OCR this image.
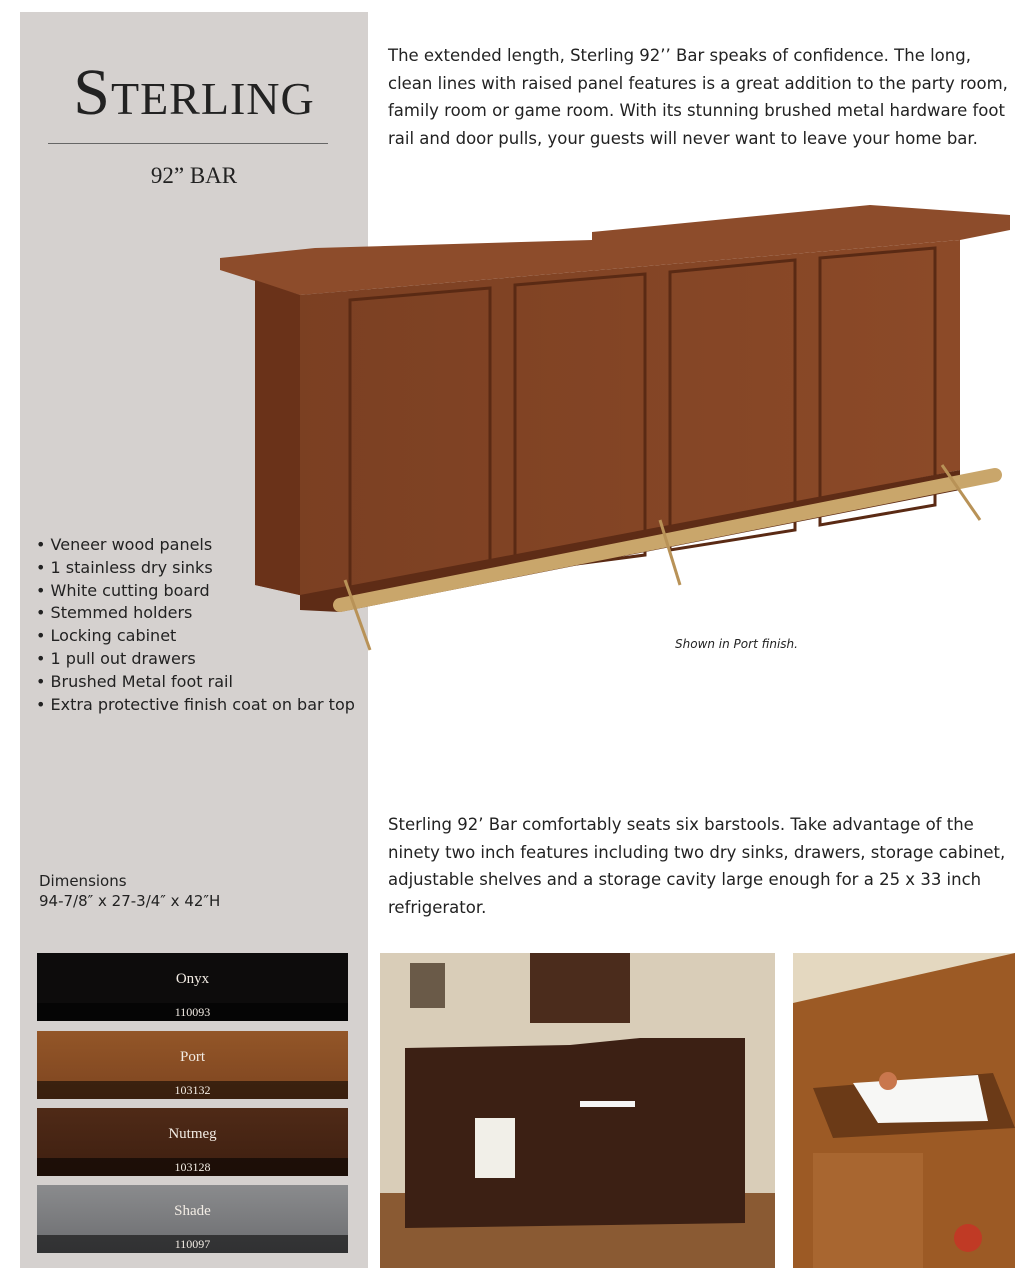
Sterling
92” BAR
The extended length, Sterling 92’’ Bar speaks of confidence. The long, clean lines with raised panel features is a great addition to the party room, family room or game room. With its stunning brushed metal hardware foot rail and door pulls, your guests will never want to leave your home bar.
Shown in Port finish.
• Veneer wood panels
• 1 stainless dry sinks
• White cutting board
• Stemmed holders
• Locking cabinet
• 1 pull out drawers
• Brushed Metal foot rail
• Extra protective finish coat on bar top
Sterling 92’ Bar comfortably seats six barstools. Take advantage of the ninety two inch features including two dry sinks, drawers, storage cabinet, adjustable shelves and a storage cavity large enough for a 25 x 33 inch refrigerator.
Dimensions
94-7/8″ x 27-3/4″ x 42″H
Onyx
110093
Port
103132
Nutmeg
103128
Shade
110097
